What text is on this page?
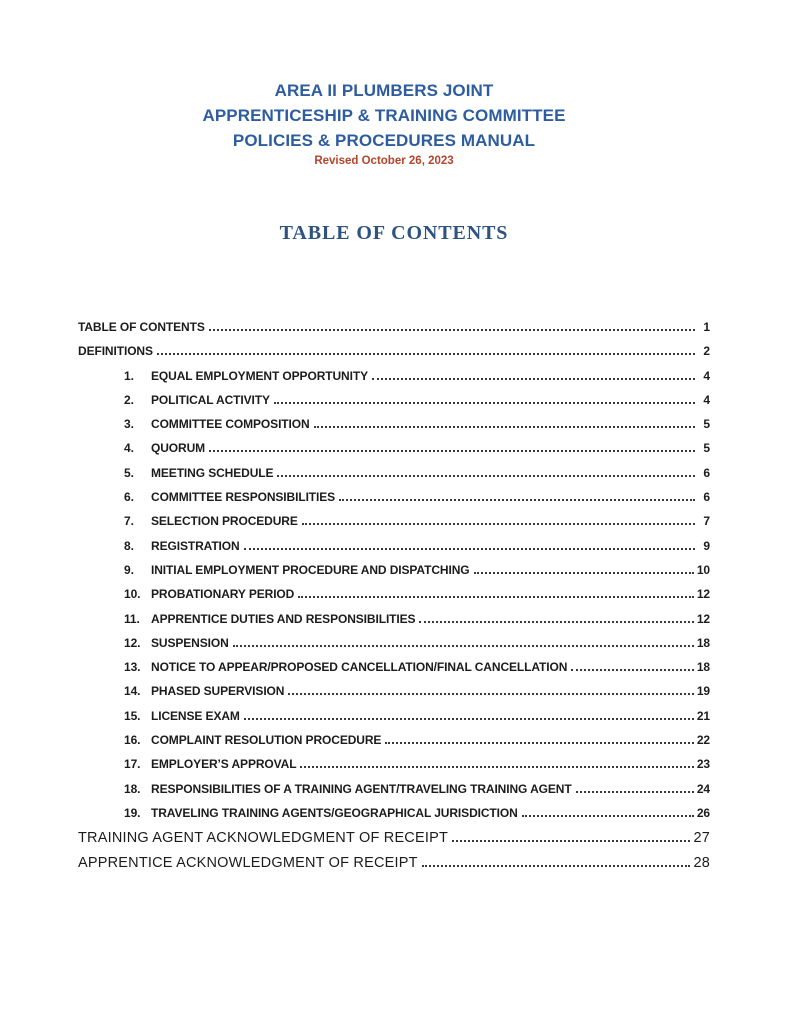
AREA II PLUMBERS JOINT
APPRENTICESHIP & TRAINING COMMITTEE
POLICIES & PROCEDURES MANUAL
Revised October 26, 2023
TABLE OF CONTENTS
TABLE OF CONTENTS	1
DEFINITIONS	2
1.	EQUAL EMPLOYMENT OPPORTUNITY	4
2.	POLITICAL ACTIVITY	4
3.	COMMITTEE COMPOSITION	5
4.	QUORUM	5
5.	MEETING SCHEDULE	6
6.	COMMITTEE RESPONSIBILITIES	6
7.	SELECTION PROCEDURE	7
8.	REGISTRATION	9
9.	INITIAL EMPLOYMENT PROCEDURE AND DISPATCHING	10
10. PROBATIONARY PERIOD	12
11. APPRENTICE DUTIES AND RESPONSIBILITIES	12
12. SUSPENSION	18
13. NOTICE TO APPEAR/PROPOSED CANCELLATION/FINAL CANCELLATION	18
14. PHASED SUPERVISION	19
15. LICENSE EXAM	21
16. COMPLAINT RESOLUTION PROCEDURE	22
17. EMPLOYER’S APPROVAL	23
18. RESPONSIBILITIES OF A TRAINING AGENT/TRAVELING TRAINING AGENT	24
19. TRAVELING TRAINING AGENTS/GEOGRAPHICAL JURISDICTION	26
TRAINING AGENT ACKNOWLEDGMENT OF RECEIPT	27
APPRENTICE ACKNOWLEDGMENT OF RECEIPT	28
